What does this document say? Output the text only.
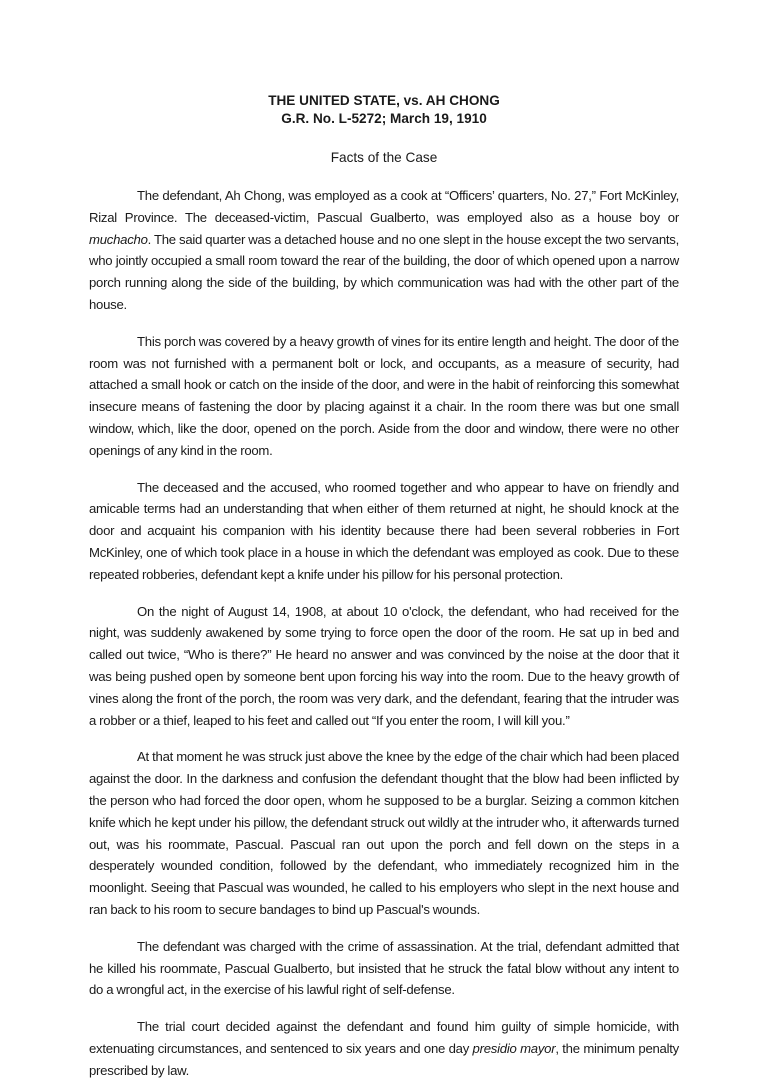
THE UNITED STATE, vs. AH CHONG
G.R. No. L-5272; March 19, 1910
Facts of the Case

The defendant, Ah Chong, was employed as a cook at “Officers’ quarters, No. 27,” Fort McKinley, Rizal Province. The deceased-victim, Pascual Gualberto, was employed also as a house boy or muchacho. The said quarter was a detached house and no one slept in the house except the two servants, who jointly occupied a small room toward the rear of the building, the door of which opened upon a narrow porch running along the side of the building, by which communication was had with the other part of the house.

This porch was covered by a heavy growth of vines for its entire length and height. The door of the room was not furnished with a permanent bolt or lock, and occupants, as a measure of security, had attached a small hook or catch on the inside of the door, and were in the habit of reinforcing this somewhat insecure means of fastening the door by placing against it a chair. In the room there was but one small window, which, like the door, opened on the porch. Aside from the door and window, there were no other openings of any kind in the room.

The deceased and the accused, who roomed together and who appear to have on friendly and amicable terms had an understanding that when either of them returned at night, he should knock at the door and acquaint his companion with his identity because there had been several robberies in Fort McKinley, one of which took place in a house in which the defendant was employed as cook. Due to these repeated robberies, defendant kept a knife under his pillow for his personal protection.

On the night of August 14, 1908, at about 10 o'clock, the defendant, who had received for the night, was suddenly awakened by some trying to force open the door of the room. He sat up in bed and called out twice, “Who is there?” He heard no answer and was convinced by the noise at the door that it was being pushed open by someone bent upon forcing his way into the room. Due to the heavy growth of vines along the front of the porch, the room was very dark, and the defendant, fearing that the intruder was a robber or a thief, leaped to his feet and called out “If you enter the room, I will kill you.”

At that moment he was struck just above the knee by the edge of the chair which had been placed against the door. In the darkness and confusion the defendant thought that the blow had been inflicted by the person who had forced the door open, whom he supposed to be a burglar. Seizing a common kitchen knife which he kept under his pillow, the defendant struck out wildly at the intruder who, it afterwards turned out, was his roommate, Pascual. Pascual ran out upon the porch and fell down on the steps in a desperately wounded condition, followed by the defendant, who immediately recognized him in the moonlight. Seeing that Pascual was wounded, he called to his employers who slept in the next house and ran back to his room to secure bandages to bind up Pascual's wounds.

The defendant was charged with the crime of assassination. At the trial, defendant admitted that he killed his roommate, Pascual Gualberto, but insisted that he struck the fatal blow without any intent to do a wrongful act, in the exercise of his lawful right of self-defense.

The trial court decided against the defendant and found him guilty of simple homicide, with extenuating circumstances, and sentenced to six years and one day presidio mayor, the minimum penalty prescribed by law.
